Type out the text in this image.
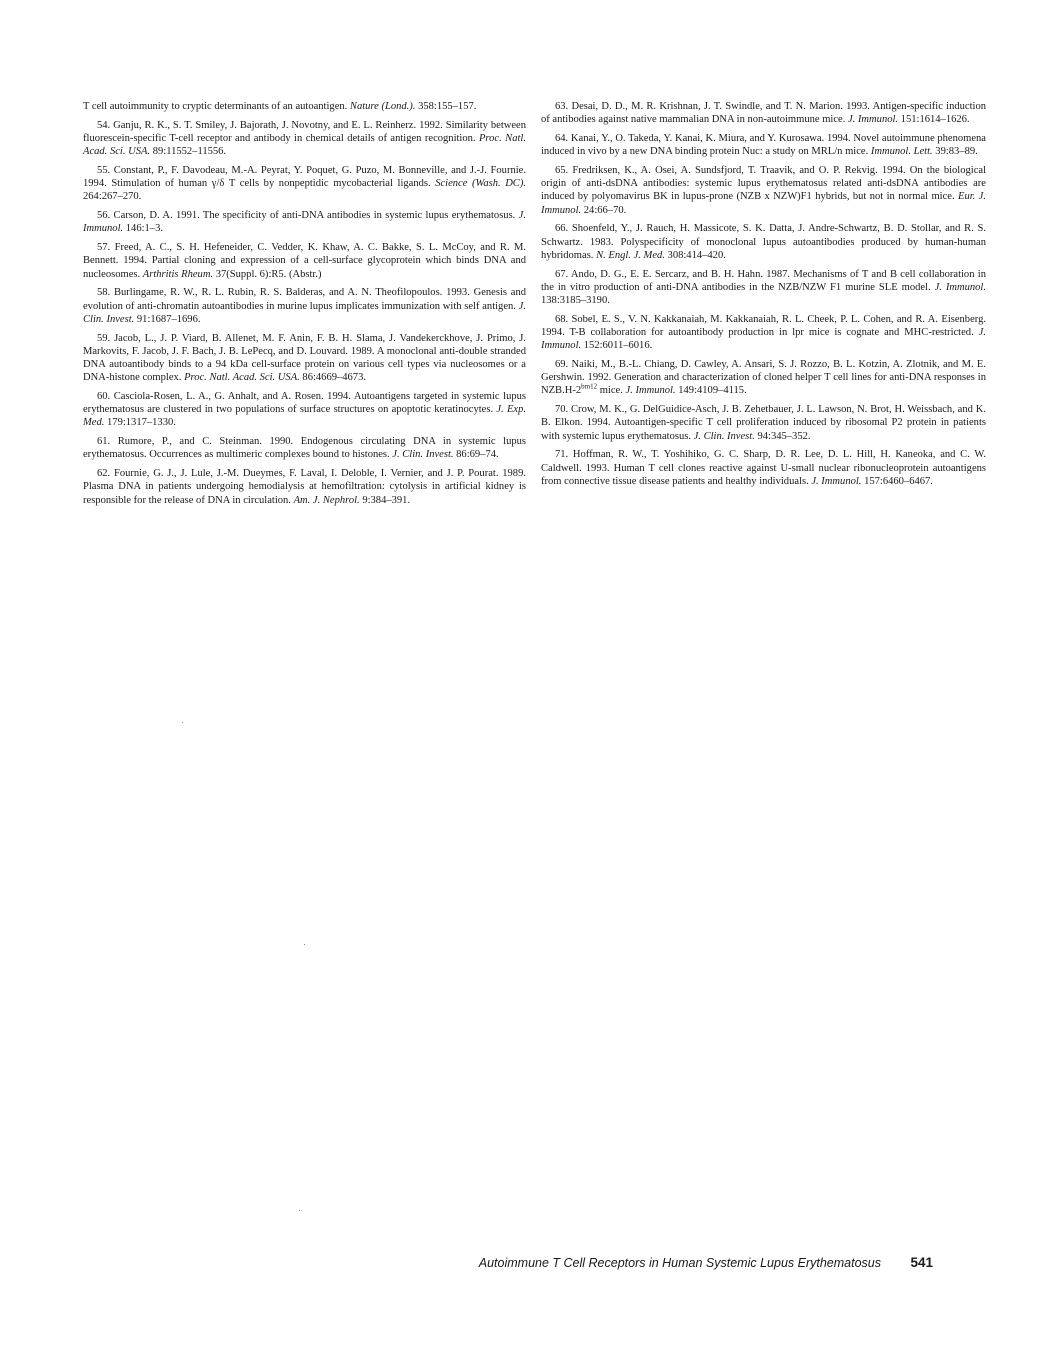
T cell autoimmunity to cryptic determinants of an autoantigen. Nature (Lond.). 358:155–157.

54. Ganju, R. K., S. T. Smiley, J. Bajorath, J. Novotny, and E. L. Reinherz. 1992. Similarity between fluorescein-specific T-cell receptor and antibody in chemical details of antigen recognition. Proc. Natl. Acad. Sci. USA. 89:11552–11556.

55. Constant, P., F. Davodeau, M.-A. Peyrat, Y. Poquet, G. Puzo, M. Bonneville, and J.-J. Fournie. 1994. Stimulation of human γ/δ T cells by nonpeptidic mycobacterial ligands. Science (Wash. DC). 264:267–270.

56. Carson, D. A. 1991. The specificity of anti-DNA antibodies in systemic lupus erythematosus. J. Immunol. 146:1–3.

57. Freed, A. C., S. H. Hefeneider, C. Vedder, K. Khaw, A. C. Bakke, S. L. McCoy, and R. M. Bennett. 1994. Partial cloning and expression of a cell-surface glycoprotein which binds DNA and nucleosomes. Arthritis Rheum. 37(Suppl. 6):R5. (Abstr.)

58. Burlingame, R. W., R. L. Rubin, R. S. Balderas, and A. N. Theofilopoulos. 1993. Genesis and evolution of anti-chromatin autoantibodies in murine lupus implicates immunization with self antigen. J. Clin. Invest. 91:1687–1696.

59. Jacob, L., J. P. Viard, B. Allenet, M. F. Anin, F. B. H. Slama, J. Vandekerckhove, J. Primo, J. Markovits, F. Jacob, J. F. Bach, J. B. LePecq, and D. Louvard. 1989. A monoclonal anti-double stranded DNA autoantibody binds to a 94 kDa cell-surface protein on various cell types via nucleosomes or a DNA-histone complex. Proc. Natl. Acad. Sci. USA. 86:4669–4673.

60. Casciola-Rosen, L. A., G. Anhalt, and A. Rosen. 1994. Autoantigens targeted in systemic lupus erythematosus are clustered in two populations of surface structures on apoptotic keratinocytes. J. Exp. Med. 179:1317–1330.

61. Rumore, P., and C. Steinman. 1990. Endogenous circulating DNA in systemic lupus erythematosus. Occurrences as multimeric complexes bound to histones. J. Clin. Invest. 86:69–74.

62. Fournie, G. J., J. Lule, J.-M. Dueymes, F. Laval, I. Deloble, I. Vernier, and J. P. Pourat. 1989. Plasma DNA in patients undergoing hemodialysis at hemofiltration: cytolysis in artificial kidney is responsible for the release of DNA in circulation. Am. J. Nephrol. 9:384–391.

63. Desai, D. D., M. R. Krishnan, J. T. Swindle, and T. N. Marion. 1993. Antigen-specific induction of antibodies against native mammalian DNA in non-autoimmune mice. J. Immunol. 151:1614–1626.

64. Kanai, Y., O. Takeda, Y. Kanai, K. Miura, and Y. Kurosawa. 1994. Novel autoimmune phenomena induced in vivo by a new DNA binding protein Nuc: a study on MRL/n mice. Immunol. Lett. 39:83–89.

65. Fredriksen, K., A. Osei, A. Sundsfjord, T. Traavik, and O. P. Rekvig. 1994. On the biological origin of anti-dsDNA antibodies: systemic lupus erythematosus related anti-dsDNA antibodies are induced by polyomavirus BK in lupus-prone (NZB x NZW)F1 hybrids, but not in normal mice. Eur. J. Immunol. 24:66–70.

66. Shoenfeld, Y., J. Rauch, H. Massicote, S. K. Datta, J. Andre-Schwartz, B. D. Stollar, and R. S. Schwartz. 1983. Polyspecificity of monoclonal lupus autoantibodies produced by human-human hybridomas. N. Engl. J. Med. 308:414–420.

67. Ando, D. G., E. E. Sercarz, and B. H. Hahn. 1987. Mechanisms of T and B cell collaboration in the in vitro production of anti-DNA antibodies in the NZB/NZW F1 murine SLE model. J. Immunol. 138:3185–3190.

68. Sobel, E. S., V. N. Kakkanaiah, M. Kakkanaiah, R. L. Cheek, P. L. Cohen, and R. A. Eisenberg. 1994. T-B collaboration for autoantibody production in lpr mice is cognate and MHC-restricted. J. Immunol. 152:6011–6016.

69. Naiki, M., B.-L. Chiang, D. Cawley, A. Ansari, S. J. Rozzo, B. L. Kotzin, A. Zlotnik, and M. E. Gershwin. 1992. Generation and characterization of cloned helper T cell lines for anti-DNA responses in $NZB.H-2^{bm12}$ mice. J. Immunol. 149:4109–4115.

70. Crow, M. K., G. DelGuidice-Asch, J. B. Zehetbauer, J. L. Lawson, N. Brot, H. Weissbach, and K. B. Elkon. 1994. Autoantigen-specific T cell proliferation induced by ribosomal P2 protein in patients with systemic lupus erythematosus. J. Clin. Invest. 94:345–352.

71. Hoffman, R. W., T. Yoshihiko, G. C. Sharp, D. R. Lee, D. L. Hill, H. Kaneoka, and C. W. Caldwell. 1993. Human T cell clones reactive against U-small nuclear ribonucleoprotein autoantigens from connective tissue disease patients and healthy individuals. J. Immunol. 157:6460–6467.

Autoimmune T Cell Receptors in Human Systemic Lupus Erythematosus 541
